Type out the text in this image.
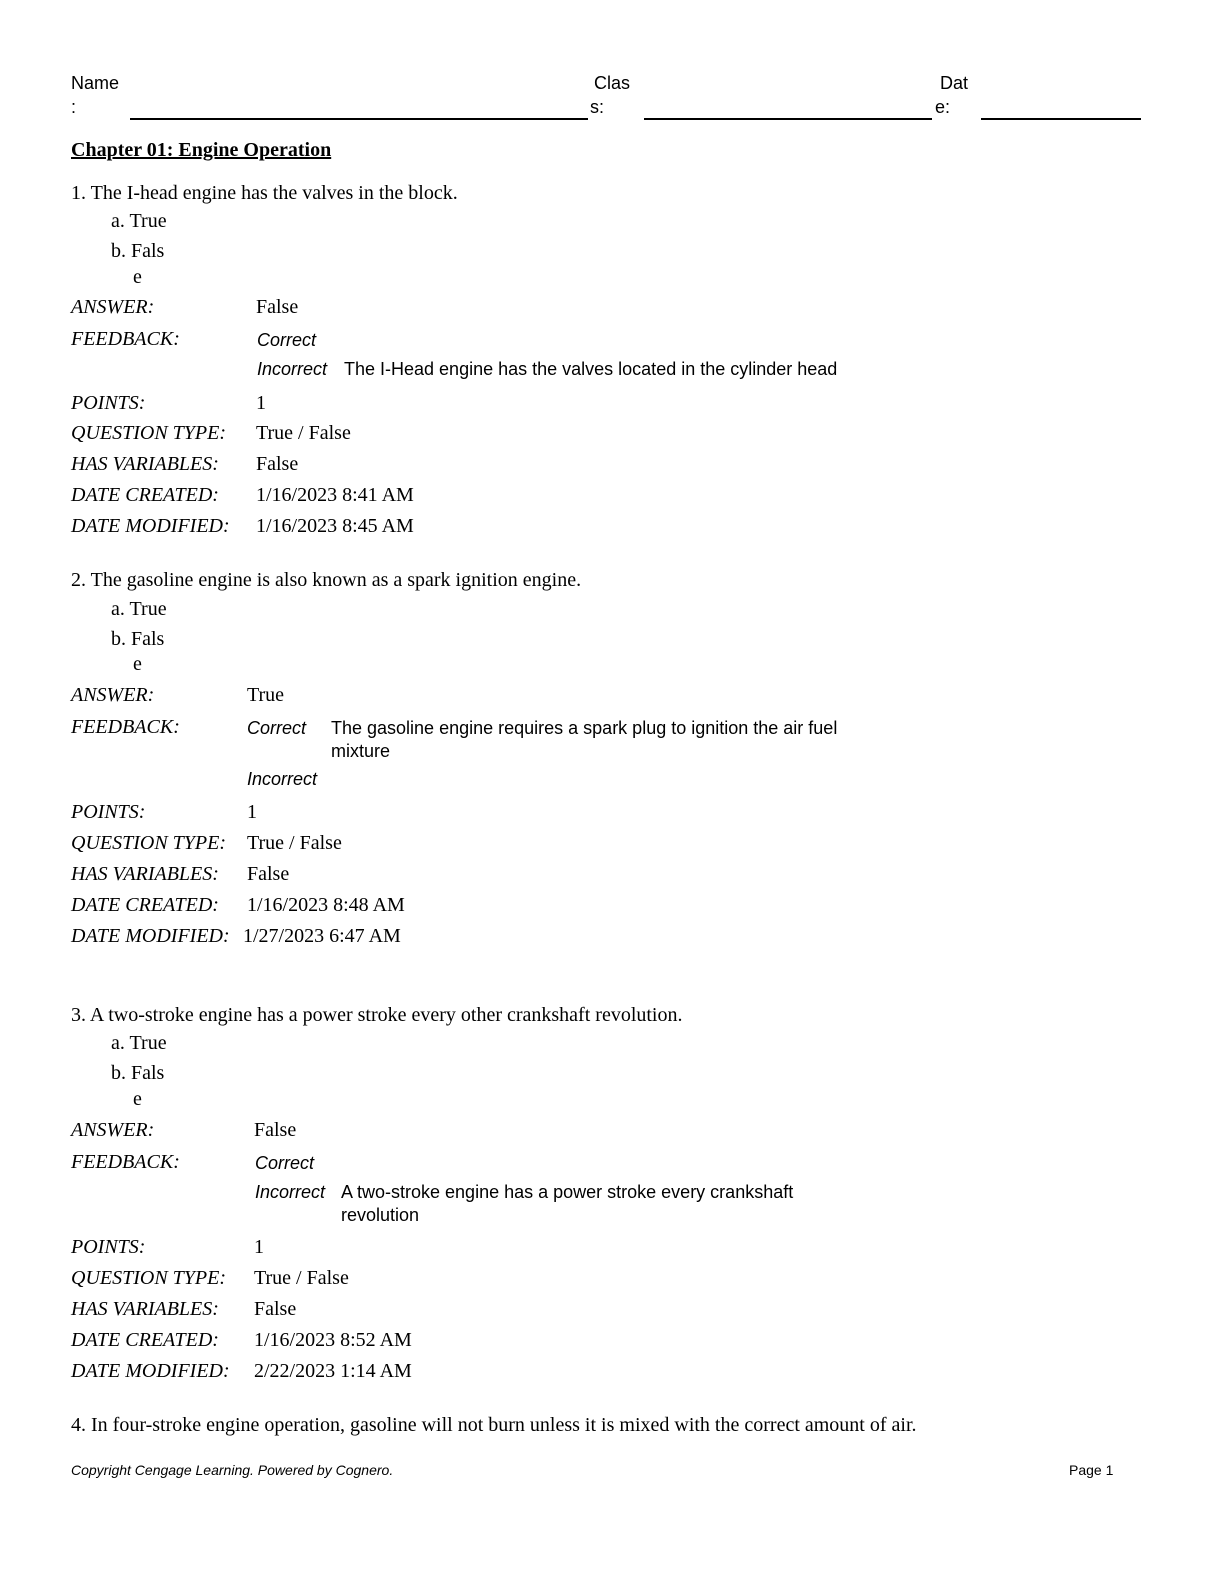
Name
:
Clas
s:
Dat
e:
Chapter 01: Engine Operation
1. The I-head engine has the valves in the block.
a. True
b. Fals
e
ANSWER:	False
FEEDBACK:	Correct
Incorrect The I-Head engine has the valves located in the cylinder head
POINTS:	1
QUESTION TYPE: True / False
HAS VARIABLES: False
DATE CREATED: 1/16/2023 8:41 AM
DATE MODIFIED: 1/16/2023 8:45 AM
2. The gasoline engine is also known as a spark ignition engine.
a. True
b. Fals
e
ANSWER:	True
FEEDBACK:	Correct The gasoline engine requires a spark plug to ignition the air fuel
mixture
Incorrect
POINTS:	1
QUESTION TYPE: True / False
HAS VARIABLES: False
DATE CREATED: 1/16/2023 8:48 AM
DATE MODIFIED: 1/27/2023 6:47 AM
3. A two-stroke engine has a power stroke every other crankshaft revolution.
a. True
b. Fals
e
ANSWER:	False
FEEDBACK:	Correct
Incorrect A two-stroke engine has a power stroke every crankshaft
revolution
POINTS:	1
QUESTION TYPE: True / False
HAS VARIABLES: False
DATE CREATED: 1/16/2023 8:52 AM
DATE MODIFIED: 2/22/2023 1:14 AM
4. In four-stroke engine operation, gasoline will not burn unless it is mixed with the correct amount of air.
Copyright Cengage Learning. Powered by Cognero.	Page 1
